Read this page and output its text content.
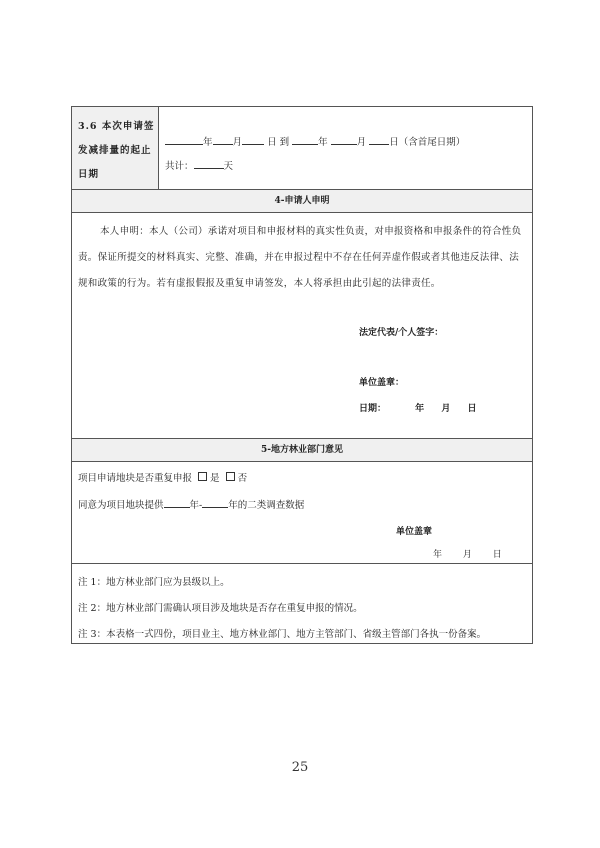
3.6 本次申请签
发减排量的起止
日期
年 月	日 到	年	月 日（含首尾日期）
共计：	天
4-申请人申明
本人申明：本人（公司）承诺对项目和申报材料的真实性负责，对申报资格和申报条件的符合性负责。保证所提交的材料真实、完整、准确，并在申报过程中不存在任何弄虚作假或者其他违反法律、法规和政策的行为。若有虚报假报及重复申请签发，本人将承担由此引起的法律责任。
法定代表/个人签字：
单位盖章：
日期：	年 月 日
5-地方林业部门意见
项目申请地块是否重复申报 是 否
同意为项目地块提供	年-	年的二类调查数据
单位盖章
年 月 日
注 1：地方林业部门应为县级以上。
注 2：地方林业部门需确认项目涉及地块是否存在重复申报的情况。
注 3：本表格一式四份，项目业主、地方林业部门、地方主管部门、省级主管部门各执一份备案。
25
